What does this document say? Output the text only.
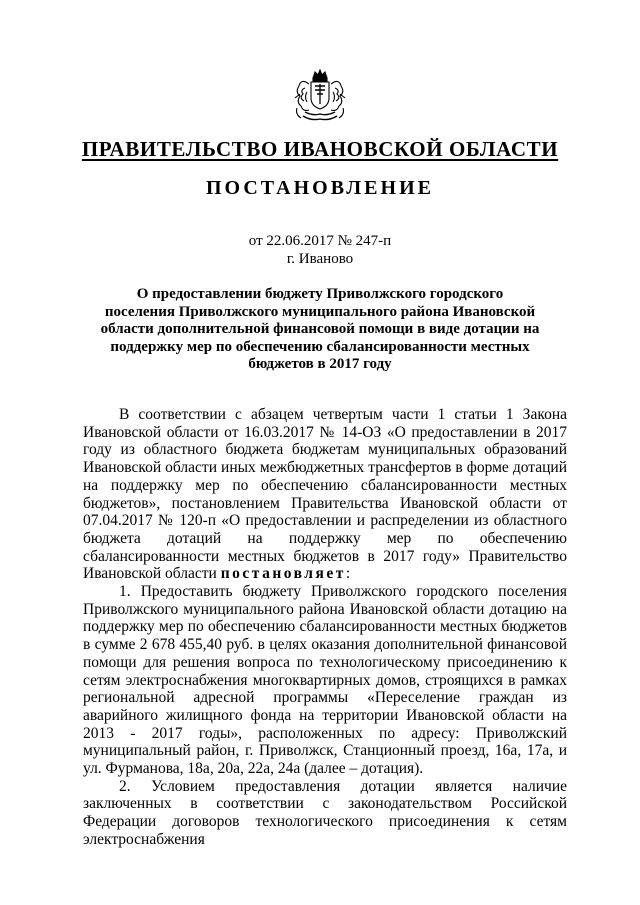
ПРАВИТЕЛЬСТВО ИВАНОВСКОЙ ОБЛАСТИ
ПОСТАНОВЛЕНИЕ
от 22.06.2017 № 247-п
г. Иваново
О предоставлении бюджету Приволжского городского поселения Приволжского муниципального района Ивановской области дополнительной финансовой помощи в виде дотации на поддержку мер по обеспечению сбалансированности местных бюджетов в 2017 году

В соответствии с абзацем четвертым части 1 статьи 1 Закона Ивановской области от 16.03.2017 № 14-ОЗ «О предоставлении в 2017 году из областного бюджета бюджетам муниципальных образований Ивановской области иных межбюджетных трансфертов в форме дотаций на поддержку мер по обеспечению сбалансированности местных бюджетов», постановлением Правительства Ивановской области от 07.04.2017 № 120-п «О предоставлении и распределении из областного бюджета дотаций на поддержку мер по обеспечению сбалансированности местных бюджетов в 2017 году» Правительство Ивановской области постановляет:

1. Предоставить бюджету Приволжского городского поселения Приволжского муниципального района Ивановской области дотацию на поддержку мер по обеспечению сбалансированности местных бюджетов в сумме 2 678 455,40 руб. в целях оказания дополнительной финансовой помощи для решения вопроса по технологическому присоединению к сетям электроснабжения многоквартирных домов, строящихся в рамках региональной адресной программы «Переселение граждан из аварийного жилищного фонда на территории Ивановской области на 2013 - 2017 годы», расположенных по адресу: Приволжский муниципальный район, г. Приволжск, Станционный проезд, 16а, 17а, и ул. Фурманова, 18а, 20а, 22а, 24а (далее – дотация).

2. Условием предоставления дотации является наличие заключенных в соответствии с законодательством Российской Федерации договоров технологического присоединения к сетям электроснабжения
